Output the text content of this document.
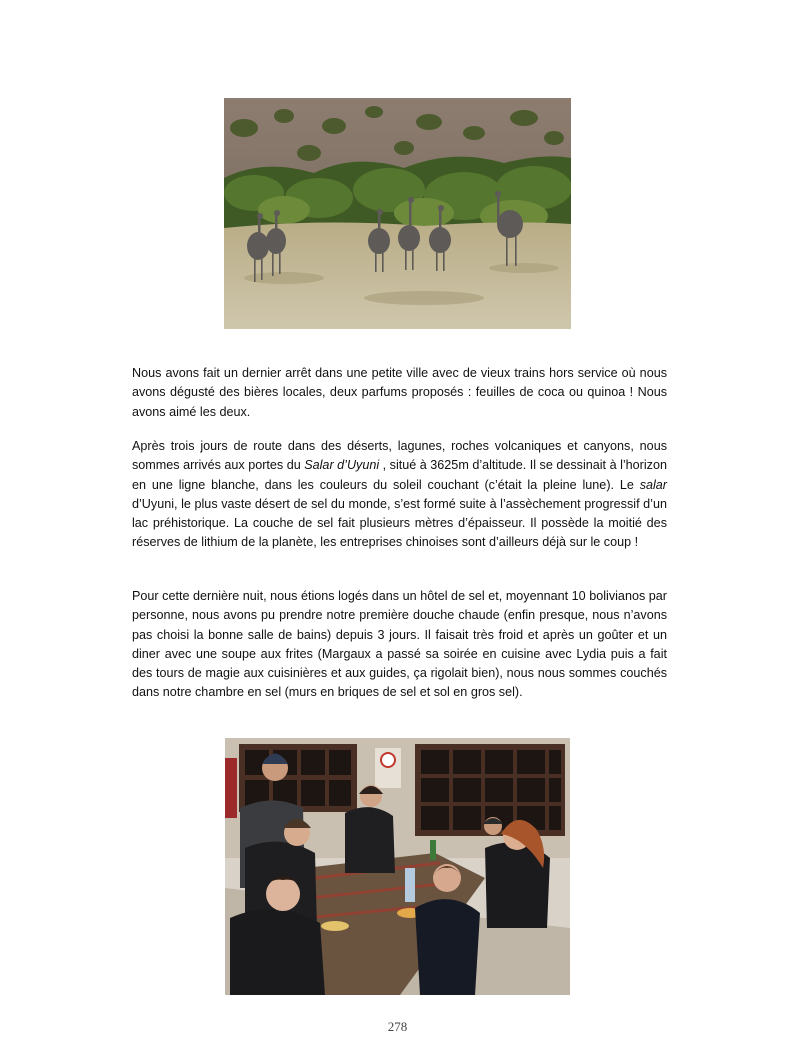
Nous avons fait un dernier arrêt dans une petite ville avec de vieux trains hors service où nous avons dégusté des bières locales, deux parfums proposés : feuilles de coca ou quinoa ! Nous avons aimé les deux.

Après trois jours de route dans des déserts, lagunes, roches volcaniques et canyons, nous sommes arrivés aux portes du Salar d’Uyuni , situé à 3625m d’altitude. Il se dessinait à l’horizon en une ligne blanche, dans les couleurs du soleil couchant (c’était la pleine lune). Le salar d’Uyuni, le plus vaste désert de sel du monde, s’est formé suite à l’assèchement progressif d’un lac préhistorique. La couche de sel fait plusieurs mètres d’épaisseur. Il possède la moitié des réserves de lithium de la planète, les entreprises chinoises sont d’ailleurs déjà sur le coup !

Pour cette dernière nuit, nous étions logés dans un hôtel de sel et, moyennant 10 bolivianos par personne, nous avons pu prendre notre première douche chaude (enfin presque, nous n’avons pas choisi la bonne salle de bains) depuis 3 jours. Il faisait très froid et après un goûter et un diner avec une soupe aux frites (Margaux a passé sa soirée en cuisine avec Lydia puis a fait des tours de magie aux cuisinières et aux guides, ça rigolait bien), nous nous sommes couchés dans notre chambre en sel (murs en briques de sel et sol en gros sel).

278
